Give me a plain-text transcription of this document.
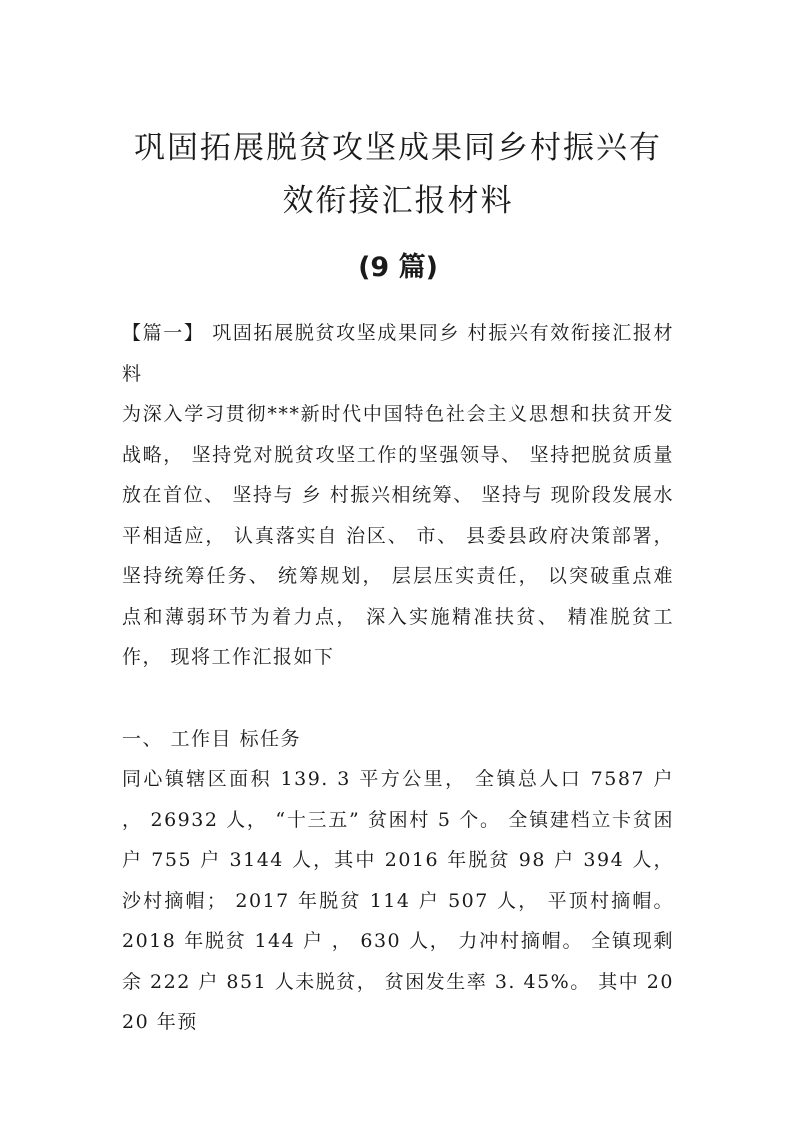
巩固拓展脱贫攻坚成果同乡村振兴有效衔接汇报材料
(9 篇)

【篇一】 巩固拓展脱贫攻坚成果同乡 村振兴有效衔接汇报材料

为深入学习贯彻***新时代中国特色社会主义思想和扶贫开发战略， 坚持党对脱贫攻坚工作的坚强领导、 坚持把脱贫质量放在首位、 坚持与 乡 村振兴相统筹、 坚持与 现阶段发展水平相适应， 认真落实自 治区、 市、 县委县政府决策部署， 坚持统筹任务、 统筹规划， 层层压实责任， 以突破重点难点和薄弱环节为着力点， 深入实施精准扶贫、 精准脱贫工作， 现将工作汇报如下

一、 工作目 标任务

同心镇辖区面积 139. 3 平方公里， 全镇总人口 7587 户 ， 26932 人， “十三五” 贫困村 5 个。 全镇建档立卡贫困户 755 户 3144 人，其中 2016 年脱贫 98 户 394 人，沙村摘帽； 2017 年脱贫 114 户 507 人， 平顶村摘帽。 2018 年脱贫 144 户 ， 630 人， 力冲村摘帽。 全镇现剩余 222 户 851 人未脱贫， 贫困发生率 3. 45%。 其中 2020 年预
